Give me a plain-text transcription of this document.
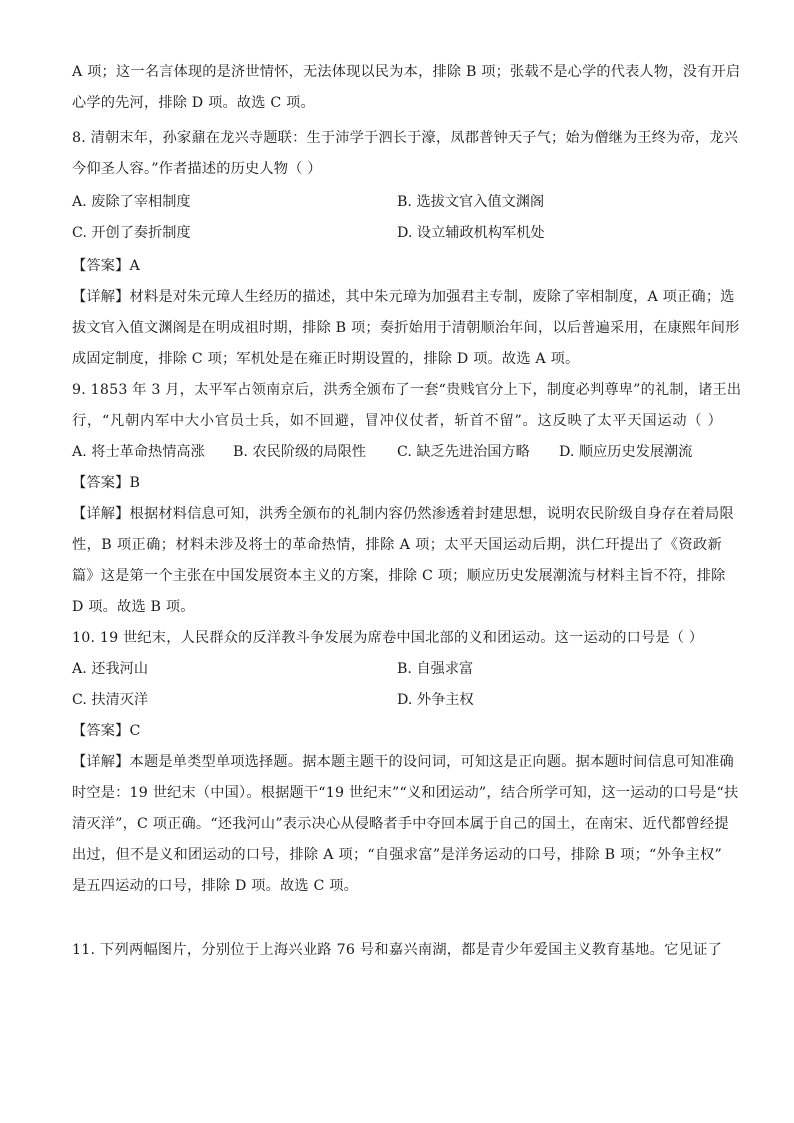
A 项；这一名言体现的是济世情怀，无法体现以民为本，排除 B 项；张载不是心学的代表人物，没有开启
心学的先河，排除 D 项。故选 C 项。
8. 清朝末年，孙家鼐在龙兴寺题联：生于沛学于泗长于濠，凤郡普钟天子气；始为僧继为王终为帝，龙兴
今仰圣人容。”作者描述的历史人物（ ）
A. 废除了宰相制度	B. 选拔文官入值文渊阁
C. 开创了奏折制度	D. 设立辅政机构军机处
【答案】A
【详解】材料是对朱元璋人生经历的描述，其中朱元璋为加强君主专制，废除了宰相制度，A 项正确；选
拔文官入值文渊阁是在明成祖时期，排除 B 项；奏折始用于清朝顺治年间，以后普遍采用，在康熙年间形
成固定制度，排除 C 项；军机处是在雍正时期设置的，排除 D 项。故选 A 项。
9. 1853 年 3 月，太平军占领南京后，洪秀全颁布了一套“贵贱官分上下，制度必判尊卑”的礼制，诸王出
行，“凡朝内军中大小官员士兵，如不回避，冒冲仪仗者，斩首不留”。这反映了太平天国运动（ ）
A. 将士革命热情高涨 B. 农民阶级的局限性 C. 缺乏先进治国方略 D. 顺应历史发展潮流
【答案】B
【详解】根据材料信息可知，洪秀全颁布的礼制内容仍然渗透着封建思想，说明农民阶级自身存在着局限
性，B 项正确；材料未涉及将士的革命热情，排除 A 项；太平天国运动后期，洪仁玕提出了《资政新
篇》这是第一个主张在中国发展资本主义的方案，排除 C 项；顺应历史发展潮流与材料主旨不符，排除
D 项。故选 B 项。
10. 19 世纪末，人民群众的反洋教斗争发展为席卷中国北部的义和团运动。这一运动的口号是（ ）
A. 还我河山	B. 自强求富
C. 扶清灭洋	D. 外争主权
【答案】C
【详解】本题是单类型单项选择题。据本题主题干的设问词，可知这是正向题。据本题时间信息可知准确
时空是：19 世纪末（中国）。根据题干“19 世纪末”“义和团运动”，结合所学可知，这一运动的口号是“扶
清灭洋”，C 项正确。“还我河山”表示决心从侵略者手中夺回本属于自己的国土，在南宋、近代都曾经提
出过，但不是义和团运动的口号，排除 A 项；“自强求富”是洋务运动的口号，排除 B 项；“外争主权”
是五四运动的口号，排除 D 项。故选 C 项。
11. 下列两幅图片，分别位于上海兴业路 76 号和嘉兴南湖，都是青少年爱国主义教育基地。它见证了
